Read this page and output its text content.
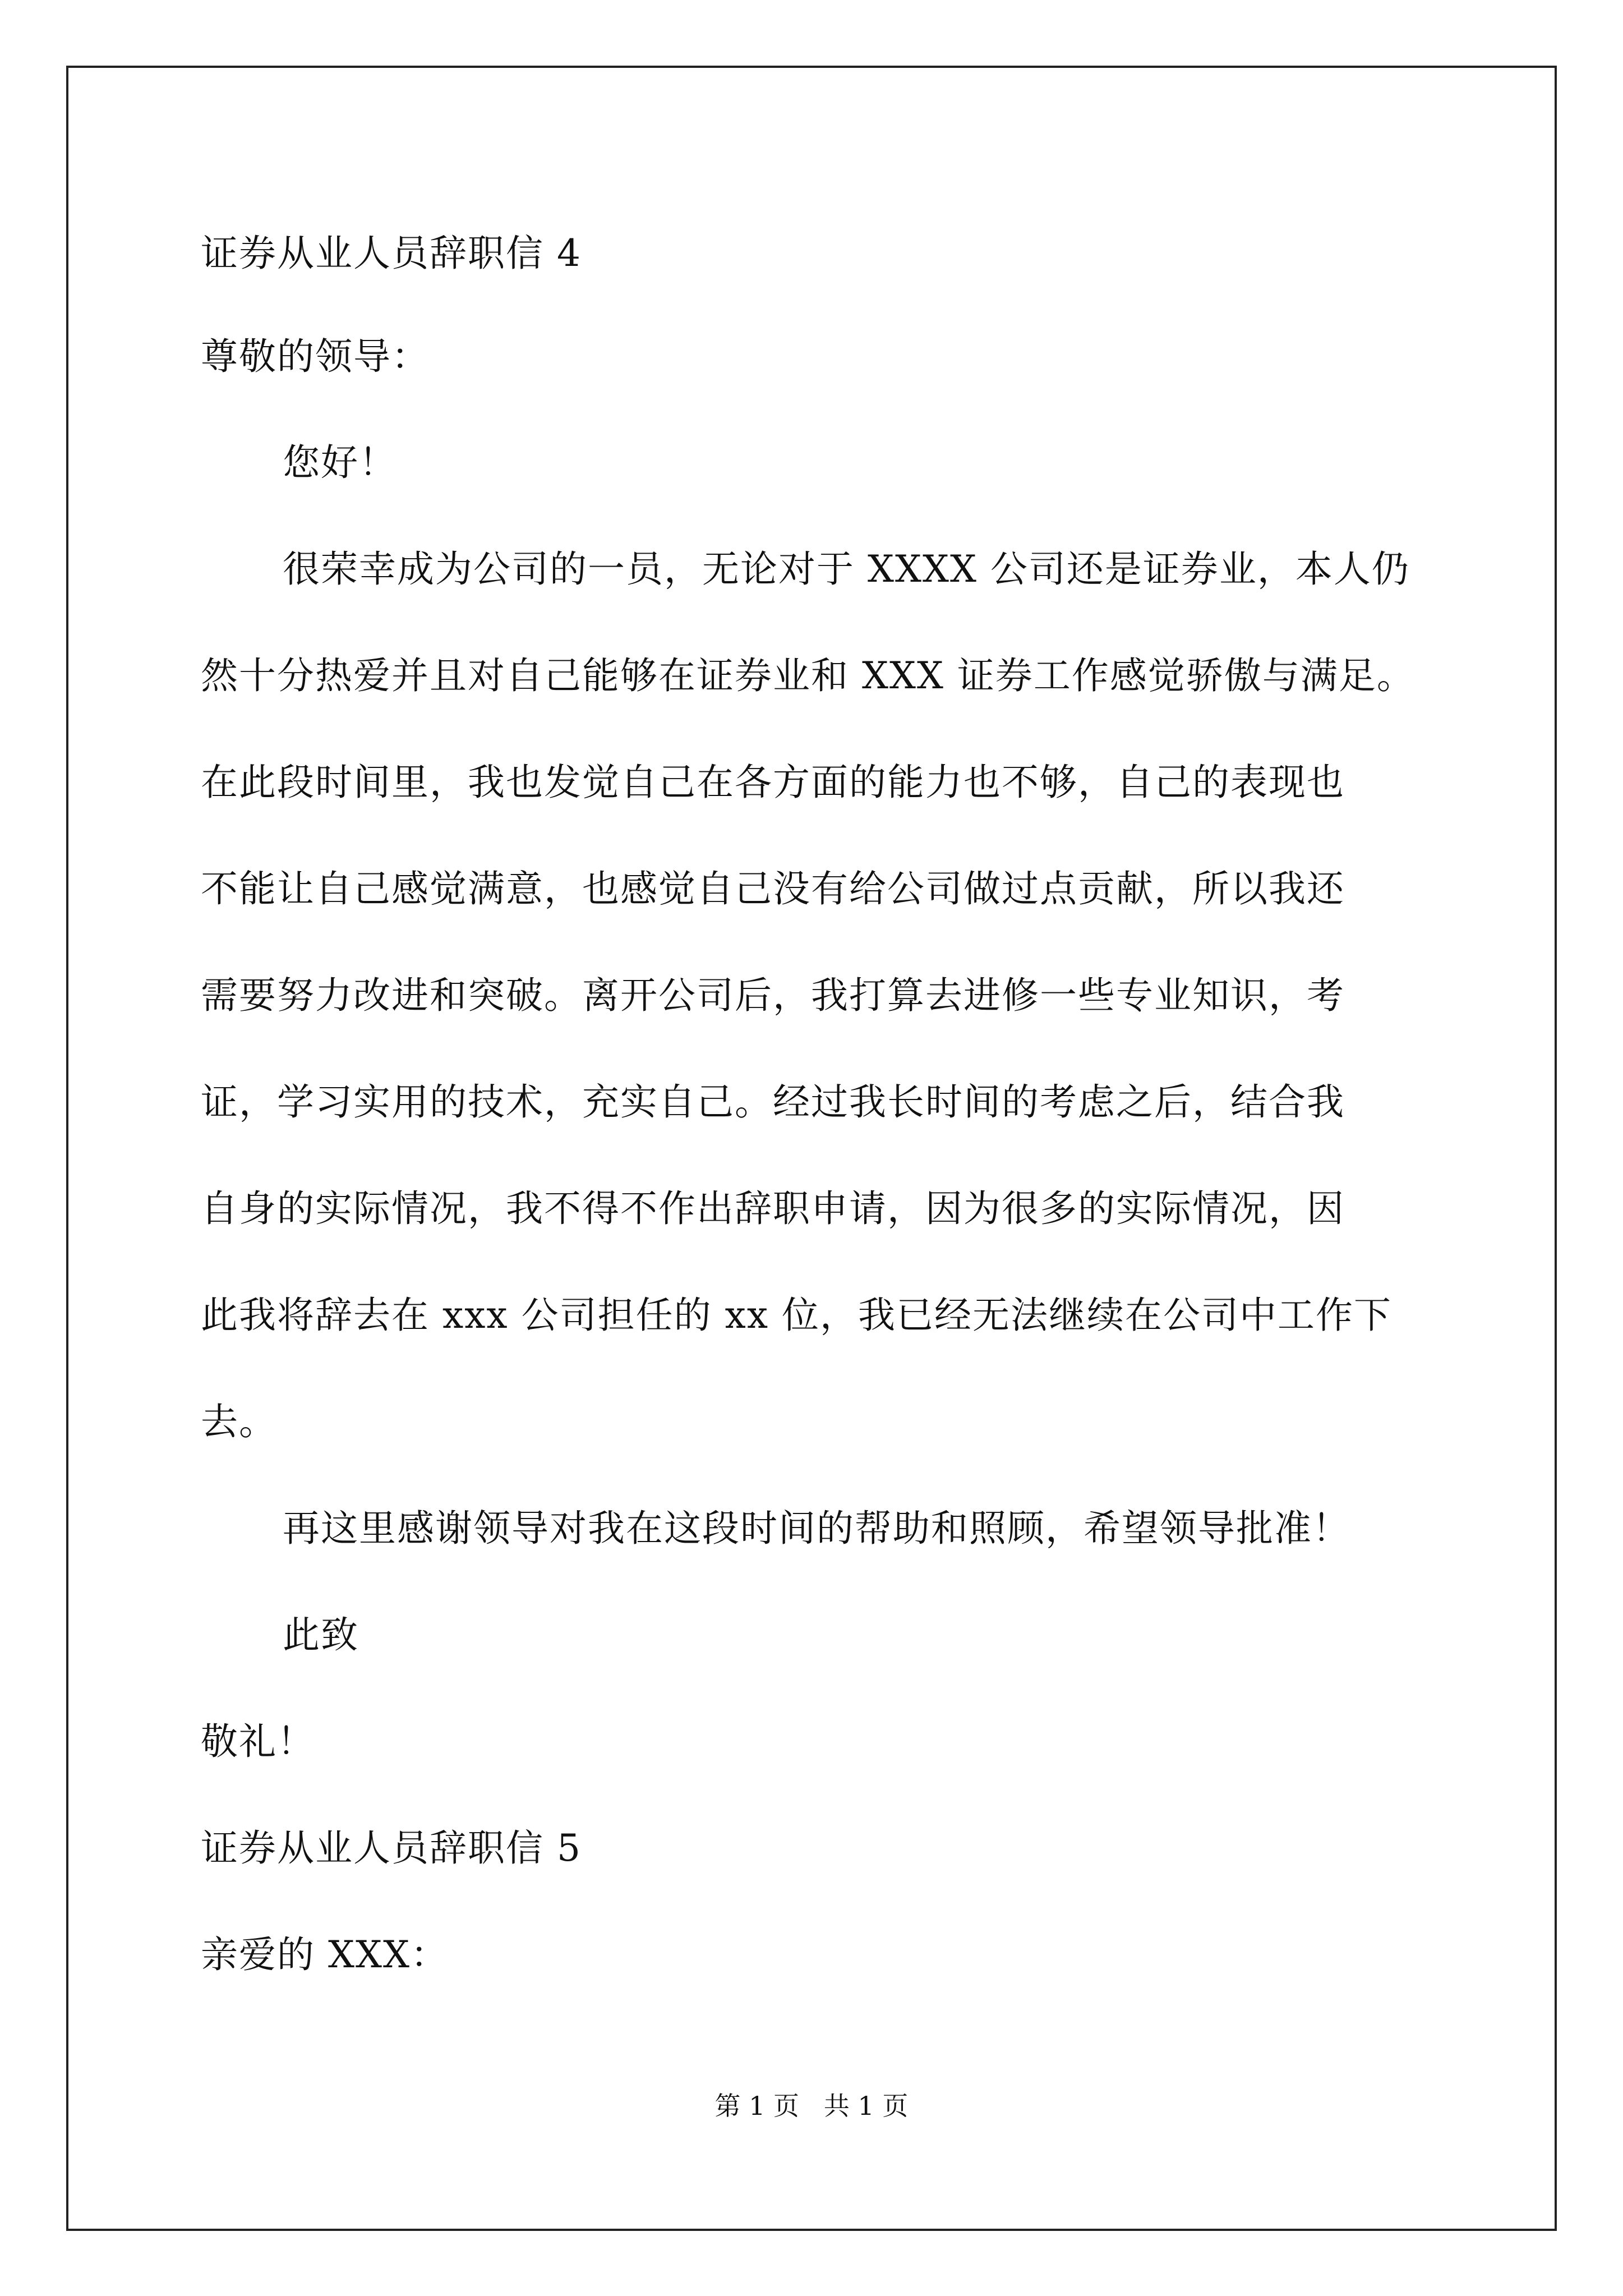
证券从业人员辞职信 4
尊敬的领导：
您好！
很荣幸成为公司的一员，无论对于 XXXX 公司还是证券业，本人仍
然十分热爱并且对自己能够在证券业和 XXX 证券工作感觉骄傲与满足。
在此段时间里，我也发觉自己在各方面的能力也不够，自己的表现也
不能让自己感觉满意，也感觉自己没有给公司做过点贡献，所以我还
需要努力改进和突破。离开公司后，我打算去进修一些专业知识，考
证，学习实用的技术，充实自己。经过我长时间的考虑之后，结合我
自身的实际情况，我不得不作出辞职申请，因为很多的实际情况，因
此我将辞去在 xxx 公司担任的 xx 位，我已经无法继续在公司中工作下
去。
再这里感谢领导对我在这段时间的帮助和照顾，希望领导批准！
此致
敬礼！
证券从业人员辞职信 5
亲爱的 XXX：
第 1 页   共 1 页
